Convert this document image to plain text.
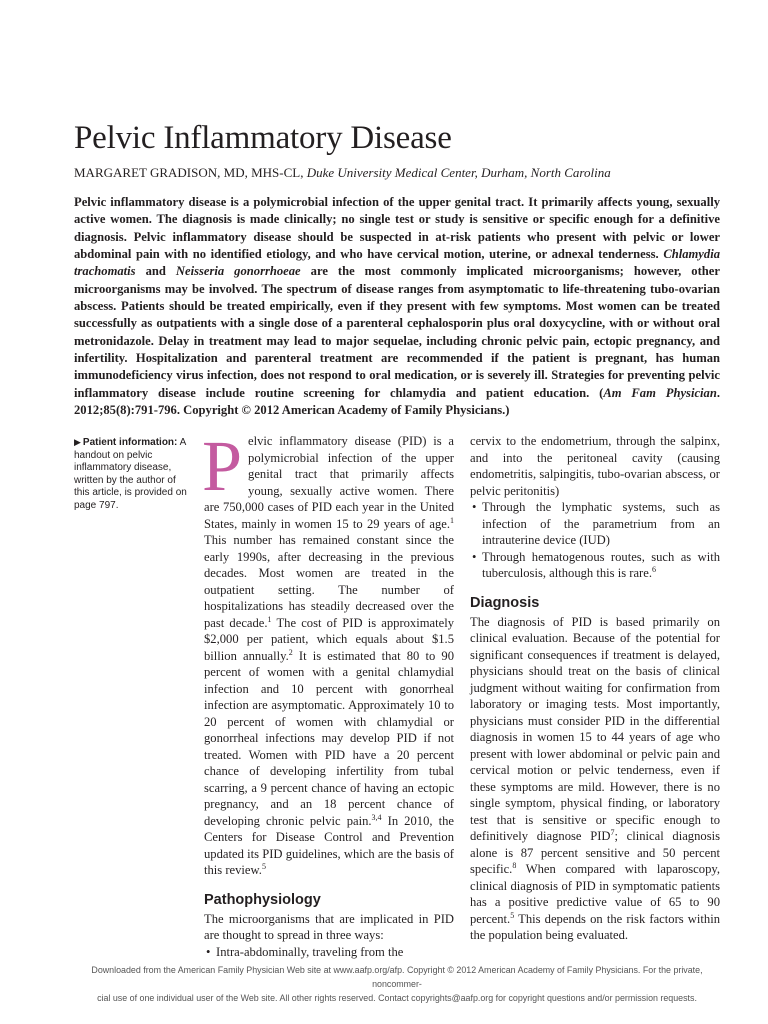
Pelvic Inflammatory Disease
MARGARET GRADISON, MD, MHS-CL, Duke University Medical Center, Durham, North Carolina
Pelvic inflammatory disease is a polymicrobial infection of the upper genital tract. It primarily affects young, sexually active women. The diagnosis is made clinically; no single test or study is sensitive or specific enough for a definitive diagnosis. Pelvic inflammatory disease should be suspected in at-risk patients who present with pelvic or lower abdominal pain with no identified etiology, and who have cervical motion, uterine, or adnexal tenderness. Chlamydia trachomatis and Neisseria gonorrhoeae are the most commonly implicated microorganisms; however, other microorganisms may be involved. The spectrum of disease ranges from asymptomatic to life-threatening tubo-ovarian abscess. Patients should be treated empirically, even if they present with few symptoms. Most women can be treated successfully as outpatients with a single dose of a parenteral cephalosporin plus oral doxycycline, with or without oral metronidazole. Delay in treatment may lead to major sequelae, including chronic pelvic pain, ectopic pregnancy, and infertility. Hospitalization and parenteral treatment are recommended if the patient is pregnant, has human immunodeficiency virus infection, does not respond to oral medication, or is severely ill. Strategies for preventing pelvic inflammatory disease include routine screening for chlamydia and patient education. (Am Fam Physician. 2012;85(8):791-796. Copyright © 2012 American Academy of Family Physicians.)
▶ Patient information: A handout on pelvic inflammatory disease, written by the author of this article, is provided on page 797.	Pelvic inflammatory disease (PID) is a polymicrobial infection of the upper genital tract that primarily affects young, sexually active women. There are 750,000 cases of PID each year in the United States, mainly in women 15 to 29 years of age.$^1$ This number has remained constant since the early 1990s, after decreasing in the previous decades. Most women are treated in the outpatient setting. The number of hospitalizations has steadily decreased over the past decade.$^1$ The cost of PID is approximately $2,000 per patient, which equals about $1.5 billion annually.$^2$ It is estimated that 80 to 90 percent of women with a genital chlamydial infection and 10 percent with gonorrheal infection are asymptomatic. Approximately 10 to 20 percent of women with chlamydial or gonorrheal infections may develop PID if not treated. Women with PID have a 20 percent chance of developing infertility from tubal scarring, a 9 percent chance of having an ectopic pregnancy, and an 18 percent chance of developing chronic pelvic pain.$^{3,4}$ In 2010, the Centers for Disease Control and Prevention updated its PID guidelines, which are the basis of this review.$^5$

Pathophysiology

The microorganisms that are implicated in PID are thought to spread in three ways:

• Intra-abdominally, traveling from the

cervix to the endometrium, through the salpinx, and into the peritoneal cavity (causing endometritis, salpingitis, tubo-ovarian abscess, or pelvic peritonitis)

• Through the lymphatic systems, such as infection of the parametrium from an intrauterine device (IUD)
• Through hematogenous routes, such as with tuberculosis, although this is rare.$^6$
Diagnosis

The diagnosis of PID is based primarily on clinical evaluation. Because of the potential for significant consequences if treatment is delayed, physicians should treat on the basis of clinical judgment without waiting for confirmation from laboratory or imaging tests. Most importantly, physicians must consider PID in the differential diagnosis in women 15 to 44 years of age who present with lower abdominal or pelvic pain and cervical motion or pelvic tenderness, even if these symptoms are mild. However, there is no single symptom, physical finding, or laboratory test that is sensitive or specific enough to definitively diagnose PID$^7$; clinical diagnosis alone is 87 percent sensitive and 50 percent specific.$^8$ When compared with laparoscopy, clinical diagnosis of PID in symptomatic patients has a positive predictive value of 65 to 90 percent.$^5$ This depends on the risk factors within the population being evaluated.

Downloaded from the American Family Physician Web site at www.aafp.org/afp. Copyright © 2012 American Academy of Family Physicians. For the private, noncommer-
cial use of one individual user of the Web site. All other rights reserved. Contact copyrights@aafp.org for copyright questions and/or permission requests.
